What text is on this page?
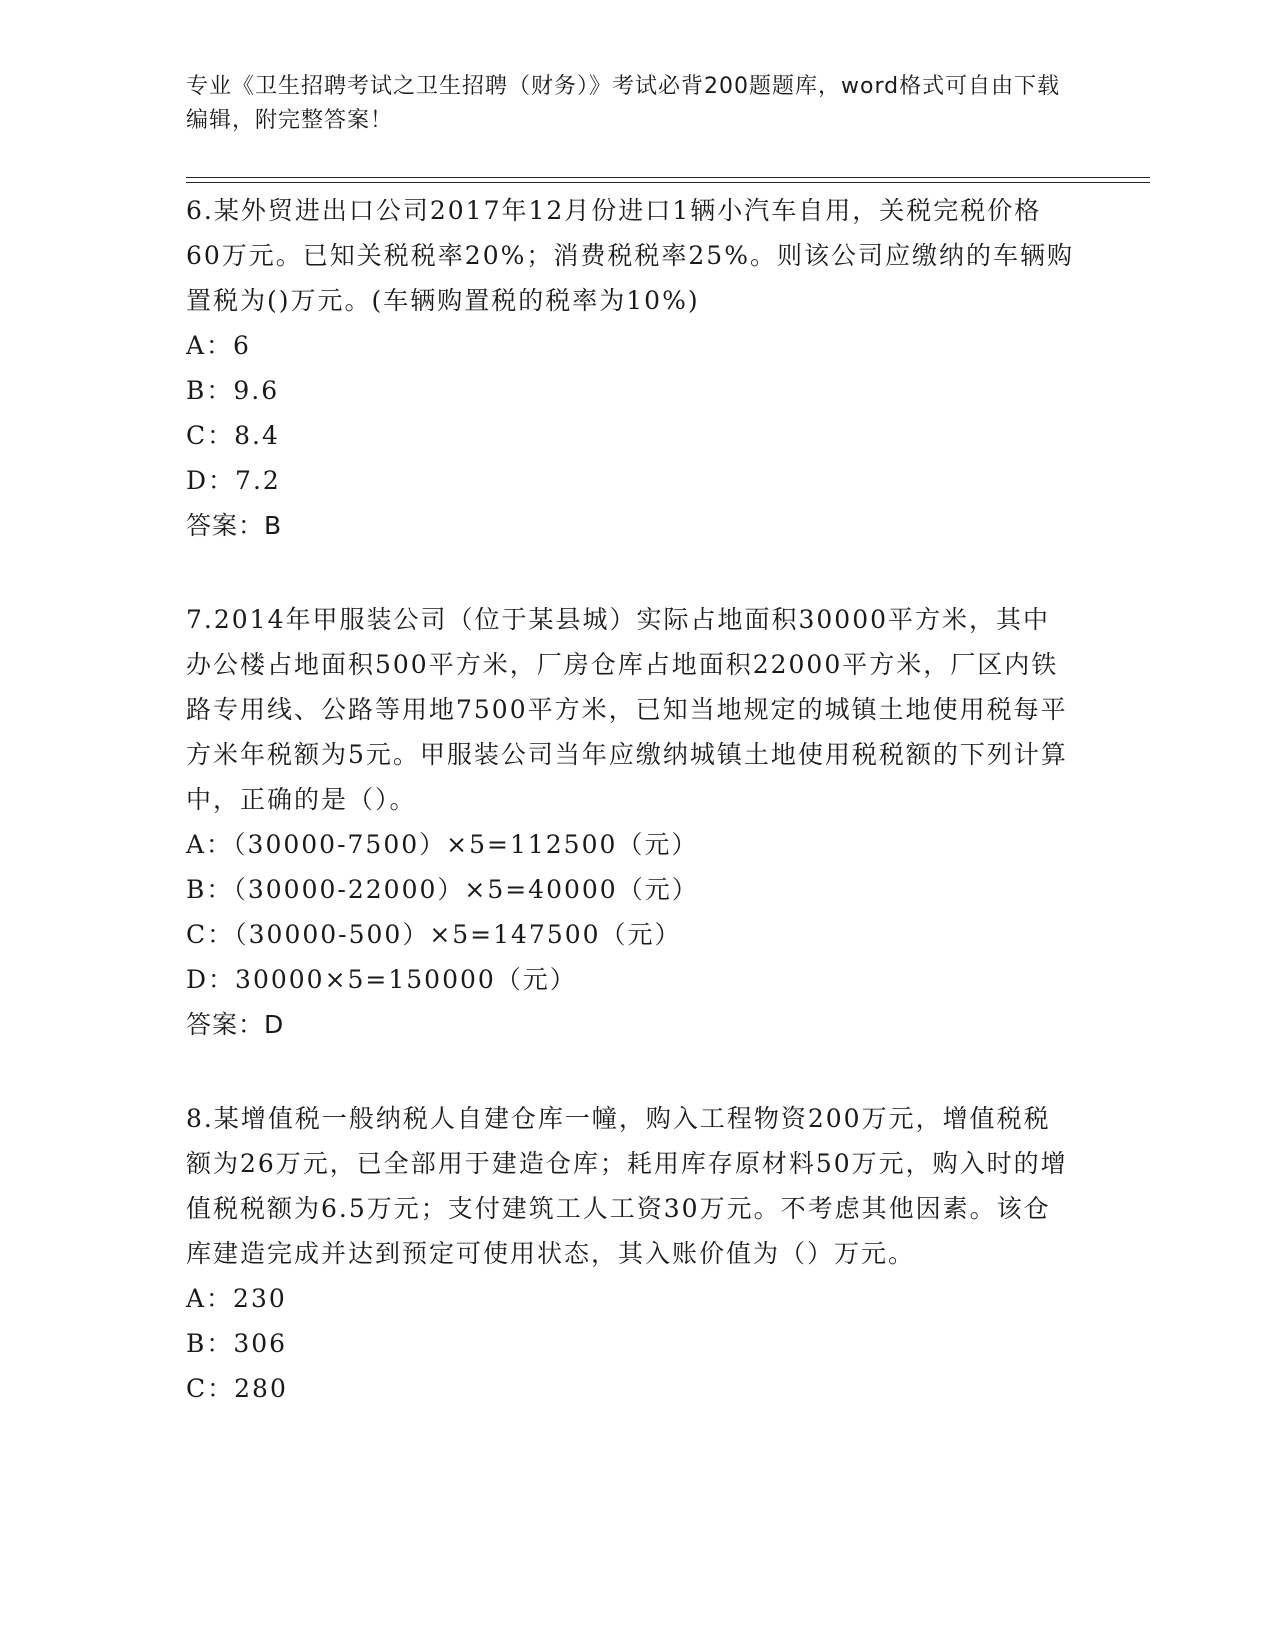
专业《卫生招聘考试之卫生招聘（财务）》考试必背200题题库，word格式可自由下载编辑，附完整答案！

6.某外贸进出口公司2017年12月份进口1辆小汽车自用，关税完税价格60万元。已知关税税率20%；消费税税率25%。则该公司应缴纳的车辆购置税为()万元。(车辆购置税的税率为10%)

A：6

B：9.6

C：8.4

D：7.2

答案：B

7.2014年甲服装公司（位于某县城）实际占地面积30000平方米，其中办公楼占地面积500平方米，厂房仓库占地面积22000平方米，厂区内铁路专用线、公路等用地7500平方米，已知当地规定的城镇土地使用税每平方米年税额为5元。甲服装公司当年应缴纳城镇土地使用税税额的下列计算中，正确的是（）。

A：（30000-7500）×5=112500（元）

B：（30000-22000）×5=40000（元）

C：（30000-500）×5=147500（元）

D：30000×5=150000（元）

答案：D

8.某增值税一般纳税人自建仓库一幢，购入工程物资200万元，增值税税额为26万元，已全部用于建造仓库；耗用库存原材料50万元，购入时的增值税税额为6.5万元；支付建筑工人工资30万元。不考虑其他因素。该仓库建造完成并达到预定可使用状态，其入账价值为（）万元。

A：230

B：306

C：280
